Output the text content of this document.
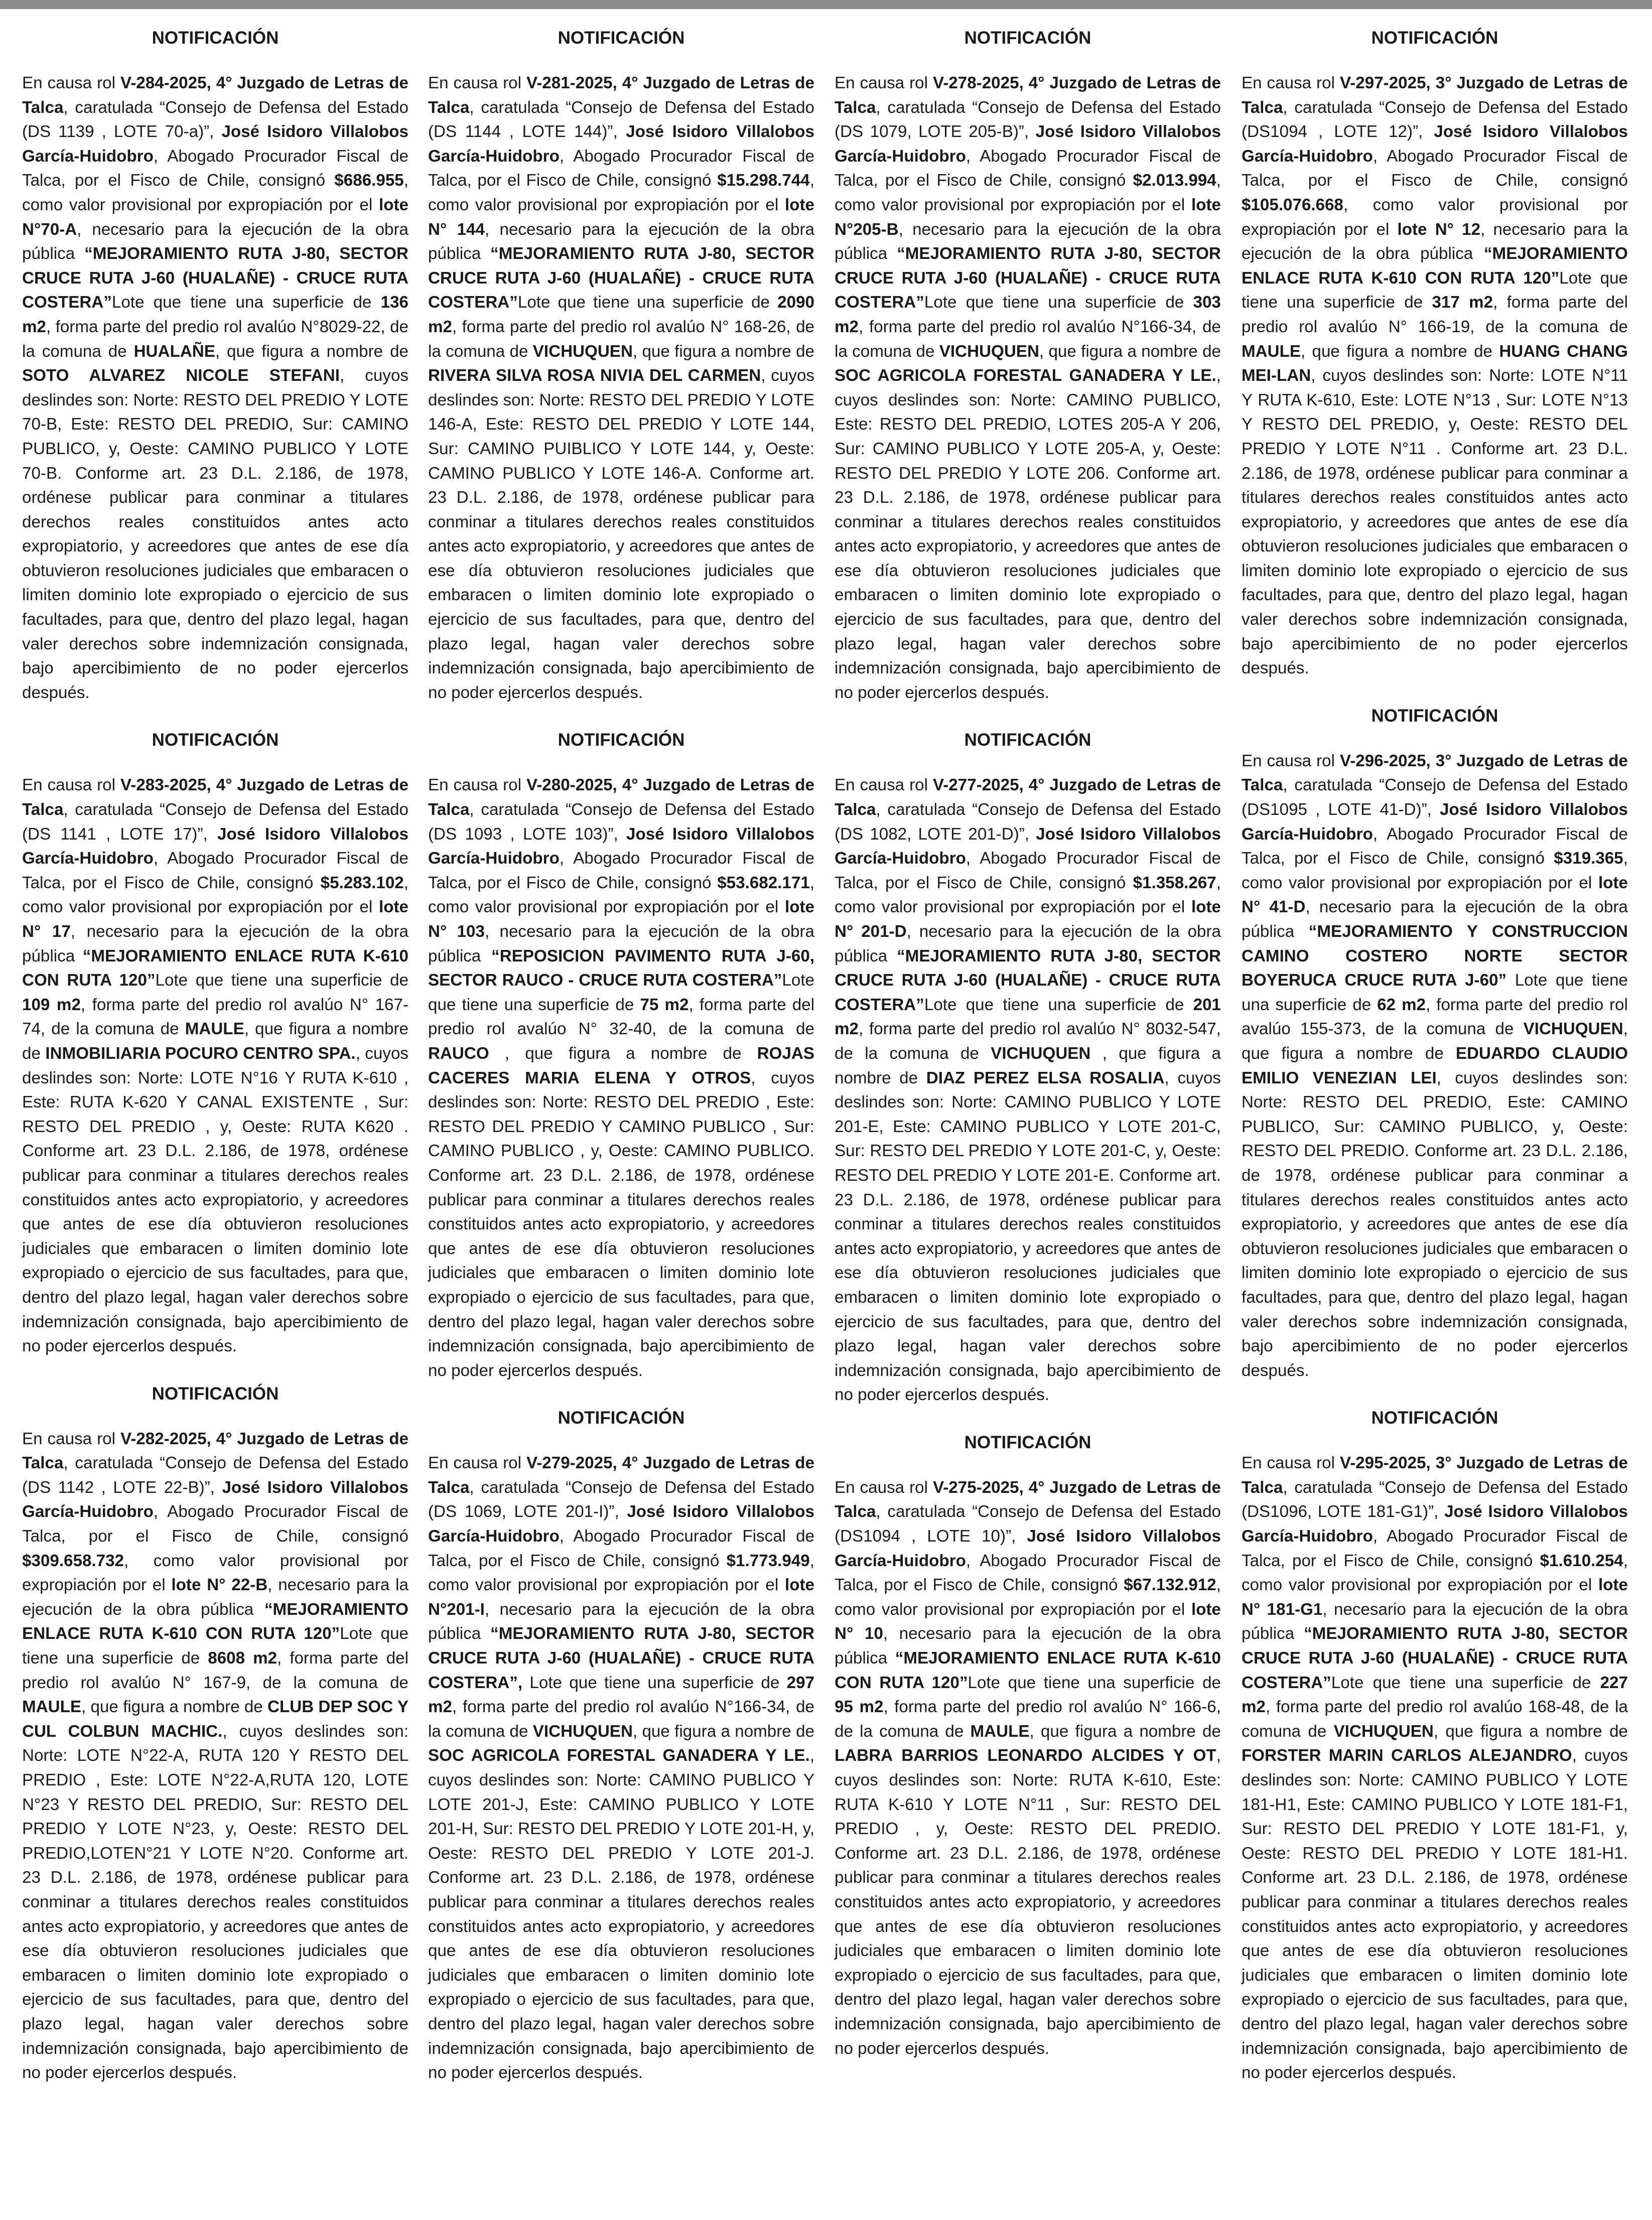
NOTIFICACIÓN

En causa rol V-284-2025, 4° Juzgado de Letras de Talca, caratulada “Consejo de Defensa del Estado (DS 1139 , LOTE 70-a)”, José Isidoro Villalobos García-Huidobro, Abogado Procurador Fiscal de Talca, por el Fisco de Chile, consignó $686.955, como valor provisional por expropiación por el lote N°70-A, necesario para la ejecución de la obra pública “MEJORAMIENTO RUTA J-80, SECTOR CRUCE RUTA J-60 (HUALAÑE) - CRUCE RUTA COSTERA”Lote que tiene una superficie de 136 m2, forma parte del predio rol avalúo N°8029-22, de la comuna de HUALAÑE, que figura a nombre de SOTO ALVAREZ NICOLE STEFANI, cuyos deslindes son: Norte: RESTO DEL PREDIO Y LOTE 70-B, Este: RESTO DEL PREDIO, Sur: CAMINO PUBLICO, y, Oeste: CAMINO PUBLICO Y LOTE 70-B. Conforme art. 23 D.L. 2.186, de 1978, ordénese publicar para conminar a titulares derechos reales constituidos antes acto expropiatorio, y acreedores que antes de ese día obtuvieron resoluciones judiciales que embaracen o limiten dominio lote expropiado o ejercicio de sus facultades, para que, dentro del plazo legal, hagan valer derechos sobre indemnización consignada, bajo apercibimiento de no poder ejercerlos después.

NOTIFICACIÓN

En causa rol V-283-2025, 4° Juzgado de Letras de Talca, caratulada “Consejo de Defensa del Estado (DS 1141 , LOTE 17)”, José Isidoro Villalobos García-Huidobro, Abogado Procurador Fiscal de Talca, por el Fisco de Chile, consignó $5.283.102, como valor provisional por expropiación por el lote N° 17, necesario para la ejecución de la obra pública “MEJORAMIENTO ENLACE RUTA K-610 CON RUTA 120”Lote que tiene una superficie de 109 m2, forma parte del predio rol avalúo N° 167-74, de la comuna de MAULE, que figura a nombre de INMOBILIARIA POCURO CENTRO SPA., cuyos deslindes son: Norte: LOTE N°16 Y RUTA K-610 , Este: RUTA K-620 Y CANAL EXISTENTE , Sur: RESTO DEL PREDIO , y, Oeste: RUTA K620 . Conforme art. 23 D.L. 2.186, de 1978, ordénese publicar para conminar a titulares derechos reales constituidos antes acto expropiatorio, y acreedores que antes de ese día obtuvieron resoluciones judiciales que embaracen o limiten dominio lote expropiado o ejercicio de sus facultades, para que, dentro del plazo legal, hagan valer derechos sobre indemnización consignada, bajo apercibimiento de no poder ejercerlos después.

NOTIFICACIÓN

En causa rol V-282-2025, 4° Juzgado de Letras de Talca, caratulada “Consejo de Defensa del Estado (DS 1142 , LOTE 22-B)”, José Isidoro Villalobos García-Huidobro, Abogado Procurador Fiscal de Talca, por el Fisco de Chile, consignó $309.658.732, como valor provisional por expropiación por el lote N° 22-B, necesario para la ejecución de la obra pública “MEJORAMIENTO ENLACE RUTA K-610 CON RUTA 120”Lote que tiene una superficie de 8608 m2, forma parte del predio rol avalúo N° 167-9, de la comuna de MAULE, que figura a nombre de CLUB DEP SOC Y CUL COLBUN MACHIC., cuyos deslindes son: Norte: LOTE N°22-A, RUTA 120 Y RESTO DEL PREDIO , Este: LOTE N°22-A,RUTA 120, LOTE N°23 Y RESTO DEL PREDIO, Sur: RESTO DEL PREDIO Y LOTE N°23, y, Oeste: RESTO DEL PREDIO,LOTEN°21 Y LOTE N°20. Conforme art. 23 D.L. 2.186, de 1978, ordénese publicar para conminar a titulares derechos reales constituidos antes acto expropiatorio, y acreedores que antes de ese día obtuvieron resoluciones judiciales que embaracen o limiten dominio lote expropiado o ejercicio de sus facultades, para que, dentro del plazo legal, hagan valer derechos sobre indemnización consignada, bajo apercibimiento de no poder ejercerlos después.

NOTIFICACIÓN

En causa rol V-281-2025, 4° Juzgado de Letras de Talca, caratulada “Consejo de Defensa del Estado (DS 1144 , LOTE 144)”, José Isidoro Villalobos García-Huidobro, Abogado Procurador Fiscal de Talca, por el Fisco de Chile, consignó $15.298.744, como valor provisional por expropiación por el lote N° 144, necesario para la ejecución de la obra pública “MEJORAMIENTO RUTA J-80, SECTOR CRUCE RUTA J-60 (HUALAÑE) - CRUCE RUTA COSTERA”Lote que tiene una superficie de 2090 m2, forma parte del predio rol avalúo N° 168-26, de la comuna de VICHUQUEN, que figura a nombre de RIVERA SILVA ROSA NIVIA DEL CARMEN, cuyos deslindes son: Norte: RESTO DEL PREDIO Y LOTE 146-A, Este: RESTO DEL PREDIO Y LOTE 144, Sur: CAMINO PUIBLICO Y LOTE 144, y, Oeste: CAMINO PUBLICO Y LOTE 146-A. Conforme art. 23 D.L. 2.186, de 1978, ordénese publicar para conminar a titulares derechos reales constituidos antes acto expropiatorio, y acreedores que antes de ese día obtuvieron resoluciones judiciales que embaracen o limiten dominio lote expropiado o ejercicio de sus facultades, para que, dentro del plazo legal, hagan valer derechos sobre indemnización consignada, bajo apercibimiento de no poder ejercerlos después.

NOTIFICACIÓN

En causa rol V-280-2025, 4° Juzgado de Letras de Talca, caratulada “Consejo de Defensa del Estado (DS 1093 , LOTE 103)”, José Isidoro Villalobos García-Huidobro, Abogado Procurador Fiscal de Talca, por el Fisco de Chile, consignó $53.682.171, como valor provisional por expropiación por el lote N° 103, necesario para la ejecución de la obra pública “REPOSICION PAVIMENTO RUTA J-60, SECTOR RAUCO - CRUCE RUTA COSTERA”Lote que tiene una superficie de 75 m2, forma parte del predio rol avalúo N° 32-40, de la comuna de RAUCO , que figura a nombre de ROJAS CACERES MARIA ELENA Y OTROS, cuyos deslindes son: Norte: RESTO DEL PREDIO , Este: RESTO DEL PREDIO Y CAMINO PUBLICO , Sur: CAMINO PUBLICO , y, Oeste: CAMINO PUBLICO. Conforme art. 23 D.L. 2.186, de 1978, ordénese publicar para conminar a titulares derechos reales constituidos antes acto expropiatorio, y acreedores que antes de ese día obtuvieron resoluciones judiciales que embaracen o limiten dominio lote expropiado o ejercicio de sus facultades, para que, dentro del plazo legal, hagan valer derechos sobre indemnización consignada, bajo apercibimiento de no poder ejercerlos después.

NOTIFICACIÓN

En causa rol V-279-2025, 4° Juzgado de Letras de Talca, caratulada “Consejo de Defensa del Estado (DS 1069, LOTE 201-I)”, José Isidoro Villalobos García-Huidobro, Abogado Procurador Fiscal de Talca, por el Fisco de Chile, consignó $1.773.949, como valor provisional por expropiación por el lote N°201-I, necesario para la ejecución de la obra pública “MEJORAMIENTO RUTA J-80, SECTOR CRUCE RUTA J-60 (HUALAÑE) - CRUCE RUTA COSTERA”, Lote que tiene una superficie de 297 m2, forma parte del predio rol avalúo N°166-34, de la comuna de VICHUQUEN, que figura a nombre de SOC AGRICOLA FORESTAL GANADERA Y LE., cuyos deslindes son: Norte: CAMINO PUBLICO Y LOTE 201-J, Este: CAMINO PUBLICO Y LOTE 201-H, Sur: RESTO DEL PREDIO Y LOTE 201-H, y, Oeste: RESTO DEL PREDIO Y LOTE 201-J. Conforme art. 23 D.L. 2.186, de 1978, ordénese publicar para conminar a titulares derechos reales constituidos antes acto expropiatorio, y acreedores que antes de ese día obtuvieron resoluciones judiciales que embaracen o limiten dominio lote expropiado o ejercicio de sus facultades, para que, dentro del plazo legal, hagan valer derechos sobre indemnización consignada, bajo apercibimiento de no poder ejercerlos después.

NOTIFICACIÓN

En causa rol V-278-2025, 4° Juzgado de Letras de Talca, caratulada “Consejo de Defensa del Estado (DS 1079, LOTE 205-B)”, José Isidoro Villalobos García-Huidobro, Abogado Procurador Fiscal de Talca, por el Fisco de Chile, consignó $2.013.994, como valor provisional por expropiación por el lote N°205-B, necesario para la ejecución de la obra pública “MEJORAMIENTO RUTA J-80, SECTOR CRUCE RUTA J-60 (HUALAÑE) - CRUCE RUTA COSTERA”Lote que tiene una superficie de 303 m2, forma parte del predio rol avalúo N°166-34, de la comuna de VICHUQUEN, que figura a nombre de SOC AGRICOLA FORESTAL GANADERA Y LE., cuyos deslindes son: Norte: CAMINO PUBLICO, Este: RESTO DEL PREDIO, LOTES 205-A Y 206, Sur: CAMINO PUBLICO Y LOTE 205-A, y, Oeste: RESTO DEL PREDIO Y LOTE 206. Conforme art. 23 D.L. 2.186, de 1978, ordénese publicar para conminar a titulares derechos reales constituidos antes acto expropiatorio, y acreedores que antes de ese día obtuvieron resoluciones judiciales que embaracen o limiten dominio lote expropiado o ejercicio de sus facultades, para que, dentro del plazo legal, hagan valer derechos sobre indemnización consignada, bajo apercibimiento de no poder ejercerlos después.

NOTIFICACIÓN

En causa rol V-277-2025, 4° Juzgado de Letras de Talca, caratulada “Consejo de Defensa del Estado (DS 1082, LOTE 201-D)”, José Isidoro Villalobos García-Huidobro, Abogado Procurador Fiscal de Talca, por el Fisco de Chile, consignó $1.358.267, como valor provisional por expropiación por el lote N° 201-D, necesario para la ejecución de la obra pública “MEJORAMIENTO RUTA J-80, SECTOR CRUCE RUTA J-60 (HUALAÑE) - CRUCE RUTA COSTERA”Lote que tiene una superficie de 201 m2, forma parte del predio rol avalúo N° 8032-547, de la comuna de VICHUQUEN , que figura a nombre de DIAZ PEREZ ELSA ROSALIA, cuyos deslindes son: Norte: CAMINO PUBLICO Y LOTE 201-E, Este: CAMINO PUBLICO Y LOTE 201-C, Sur: RESTO DEL PREDIO Y LOTE 201-C, y, Oeste: RESTO DEL PREDIO Y LOTE 201-E. Conforme art. 23 D.L. 2.186, de 1978, ordénese publicar para conminar a titulares derechos reales constituidos antes acto expropiatorio, y acreedores que antes de ese día obtuvieron resoluciones judiciales que embaracen o limiten dominio lote expropiado o ejercicio de sus facultades, para que, dentro del plazo legal, hagan valer derechos sobre indemnización consignada, bajo apercibimiento de no poder ejercerlos después.

NOTIFICACIÓN

En causa rol V-275-2025, 4° Juzgado de Letras de Talca, caratulada “Consejo de Defensa del Estado (DS1094 , LOTE 10)”, José Isidoro Villalobos García-Huidobro, Abogado Procurador Fiscal de Talca, por el Fisco de Chile, consignó $67.132.912, como valor provisional por expropiación por el lote N° 10, necesario para la ejecución de la obra pública “MEJORAMIENTO ENLACE RUTA K-610 CON RUTA 120”Lote que tiene una superficie de 95 m2, forma parte del predio rol avalúo N° 166-6, de la comuna de MAULE, que figura a nombre de LABRA BARRIOS LEONARDO ALCIDES Y OT, cuyos deslindes son: Norte: RUTA K-610, Este: RUTA K-610 Y LOTE N°11 , Sur: RESTO DEL PREDIO , y, Oeste: RESTO DEL PREDIO. Conforme art. 23 D.L. 2.186, de 1978, ordénese publicar para conminar a titulares derechos reales constituidos antes acto expropiatorio, y acreedores que antes de ese día obtuvieron resoluciones judiciales que embaracen o limiten dominio lote expropiado o ejercicio de sus facultades, para que, dentro del plazo legal, hagan valer derechos sobre indemnización consignada, bajo apercibimiento de no poder ejercerlos después.

NOTIFICACIÓN

En causa rol V-297-2025, 3° Juzgado de Letras de Talca, caratulada “Consejo de Defensa del Estado (DS1094 , LOTE 12)”, José Isidoro Villalobos García-Huidobro, Abogado Procurador Fiscal de Talca, por el Fisco de Chile, consignó $105.076.668, como valor provisional por expropiación por el lote N° 12, necesario para la ejecución de la obra pública “MEJORAMIENTO ENLACE RUTA K-610 CON RUTA 120”Lote que tiene una superficie de 317 m2, forma parte del predio rol avalúo N° 166-19, de la comuna de MAULE, que figura a nombre de HUANG CHANG MEI-LAN, cuyos deslindes son: Norte: LOTE N°11 Y RUTA K-610, Este: LOTE N°13 , Sur: LOTE N°13 Y RESTO DEL PREDIO, y, Oeste: RESTO DEL PREDIO Y LOTE N°11 . Conforme art. 23 D.L. 2.186, de 1978, ordénese publicar para conminar a titulares derechos reales constituidos antes acto expropiatorio, y acreedores que antes de ese día obtuvieron resoluciones judiciales que embaracen o limiten dominio lote expropiado o ejercicio de sus facultades, para que, dentro del plazo legal, hagan valer derechos sobre indemnización consignada, bajo apercibimiento de no poder ejercerlos después.

NOTIFICACIÓN

En causa rol V-296-2025, 3° Juzgado de Letras de Talca, caratulada “Consejo de Defensa del Estado (DS1095 , LOTE 41-D)”, José Isidoro Villalobos García-Huidobro, Abogado Procurador Fiscal de Talca, por el Fisco de Chile, consignó $319.365, como valor provisional por expropiación por el lote N° 41-D, necesario para la ejecución de la obra pública “MEJORAMIENTO Y CONSTRUCCION CAMINO COSTERO NORTE SECTOR BOYERUCA CRUCE RUTA J-60” Lote que tiene una superficie de 62 m2, forma parte del predio rol avalúo 155-373, de la comuna de VICHUQUEN, que figura a nombre de EDUARDO CLAUDIO EMILIO VENEZIAN LEI, cuyos deslindes son: Norte: RESTO DEL PREDIO, Este: CAMINO PUBLICO, Sur: CAMINO PUBLICO, y, Oeste: RESTO DEL PREDIO. Conforme art. 23 D.L. 2.186, de 1978, ordénese publicar para conminar a titulares derechos reales constituidos antes acto expropiatorio, y acreedores que antes de ese día obtuvieron resoluciones judiciales que embaracen o limiten dominio lote expropiado o ejercicio de sus facultades, para que, dentro del plazo legal, hagan valer derechos sobre indemnización consignada, bajo apercibimiento de no poder ejercerlos después.

NOTIFICACIÓN

En causa rol V-295-2025, 3° Juzgado de Letras de Talca, caratulada “Consejo de Defensa del Estado (DS1096, LOTE 181-G1)”, José Isidoro Villalobos García-Huidobro, Abogado Procurador Fiscal de Talca, por el Fisco de Chile, consignó $1.610.254, como valor provisional por expropiación por el lote N° 181-G1, necesario para la ejecución de la obra pública “MEJORAMIENTO RUTA J-80, SECTOR CRUCE RUTA J-60 (HUALAÑE) - CRUCE RUTA COSTERA”Lote que tiene una superficie de 227 m2, forma parte del predio rol avalúo 168-48, de la comuna de VICHUQUEN, que figura a nombre de FORSTER MARIN CARLOS ALEJANDRO, cuyos deslindes son: Norte: CAMINO PUBLICO Y LOTE 181-H1, Este: CAMINO PUBLICO Y LOTE 181-F1, Sur: RESTO DEL PREDIO Y LOTE 181-F1, y, Oeste: RESTO DEL PREDIO Y LOTE 181-H1. Conforme art. 23 D.L. 2.186, de 1978, ordénese publicar para conminar a titulares derechos reales constituidos antes acto expropiatorio, y acreedores que antes de ese día obtuvieron resoluciones judiciales que embaracen o limiten dominio lote expropiado o ejercicio de sus facultades, para que, dentro del plazo legal, hagan valer derechos sobre indemnización consignada, bajo apercibimiento de no poder ejercerlos después.
